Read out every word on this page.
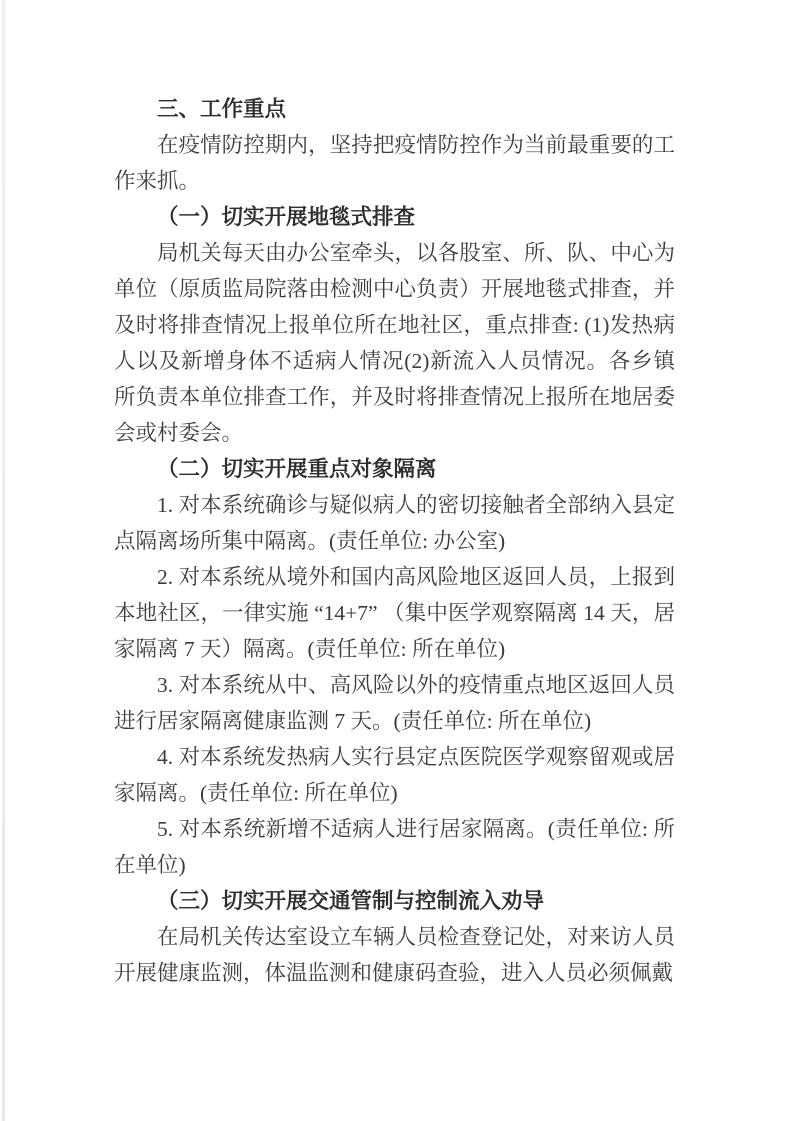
三、工作重点

在疫情防控期内，坚持把疫情防控作为当前最重要的工作来抓。

（一）切实开展地毯式排查

局机关每天由办公室牵头，以各股室、所、队、中心为单位（原质监局院落由检测中心负责）开展地毯式排查，并及时将排查情况上报单位所在地社区，重点排查: (1)发热病人以及新增身体不适病人情况(2)新流入人员情况。各乡镇所负责本单位排查工作，并及时将排查情况上报所在地居委会或村委会。

（二）切实开展重点对象隔离

1. 对本系统确诊与疑似病人的密切接触者全部纳入县定点隔离场所集中隔离。(责任单位: 办公室)

2. 对本系统从境外和国内高风险地区返回人员，上报到本地社区，一律实施 “14+7” （集中医学观察隔离 14 天，居家隔离 7 天）隔离。(责任单位: 所在单位)

3. 对本系统从中、高风险以外的疫情重点地区返回人员进行居家隔离健康监测 7 天。(责任单位: 所在单位)

4. 对本系统发热病人实行县定点医院医学观察留观或居家隔离。(责任单位: 所在单位)

5. 对本系统新增不适病人进行居家隔离。(责任单位: 所在单位)

（三）切实开展交通管制与控制流入劝导

在局机关传达室设立车辆人员检查登记处，对来访人员开展健康监测，体温监测和健康码查验，进入人员必须佩戴
